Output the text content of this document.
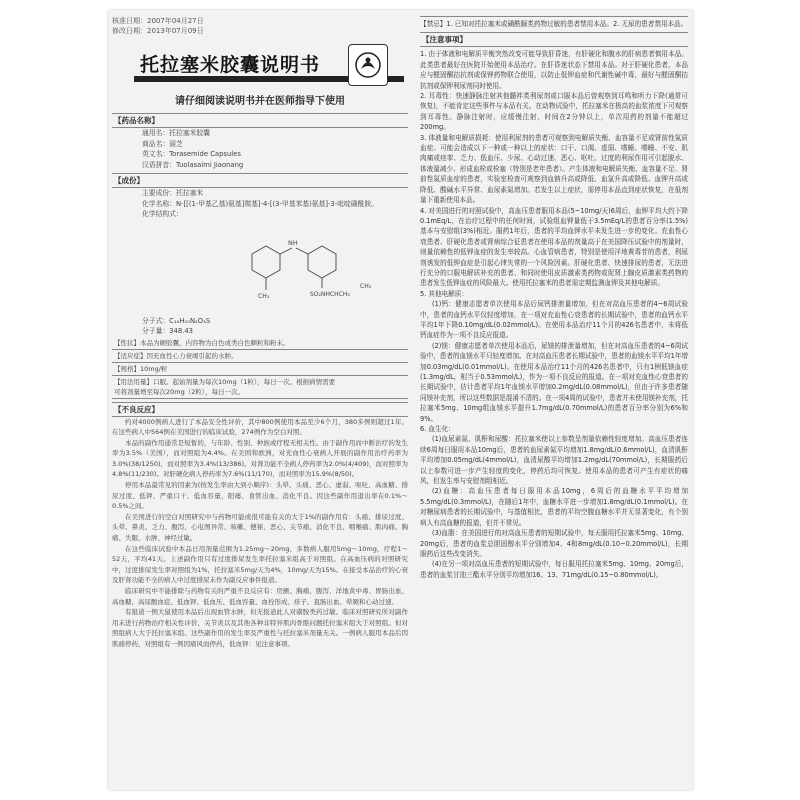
核准日期：2007年04月27日
修改日期：2013年07月09日
托拉塞米胶囊说明书
请仔细阅读说明书并在医师指导下使用
【药品名称】
通用名：托拉塞米胶囊
商品名：丽芝
英文名：Torasemide Capsules
汉语拼音：Tuolasaimi Jiaonang
【成份】
主要成份：托拉塞米
化学名称：N-[[(1-甲基乙基)氨基]羰基]-4-[(3-甲基苯基)氨基]-3-吡啶磺酰胺。
化学结构式：
NH
CH₃	SO₂NHCHCH₃
CH₃
分子式：C₁₆H₂₀N₄O₃S
分子量：348.43
【性状】本品为硬胶囊，内容物为白色或类白色颗粒和粉末。
【适应症】因充血性心力衰竭引起的水肿。
【规格】10mg/粒
【用法用量】口服。起始剂量为每次10mg（1粒），每日一次。根据病情需要
可将剂量增至每次20mg（2粒），每日一次。
【不良反应】

约对4000例病人进行了本品安全性评价，其中800例使用本品至少6个月，380多例则超过1年。在这些病人中564例在美国进行的临床试验，274例作为空白对照。

本品的副作用通常是短暂的，与年龄、性别、种族或疗程无相关性。由于副作用而中断治疗的发生率为3.5%（美国），而对照组为4.4%。在美国和欧洲，对充血性心衰病人开展的副作用治疗药率为3.0%(38/1250)，而对照率为3.4%(13/386)。对肾功能不全病人停药率为2.0%(4/409)，而对照率为4.8%(11/230)。对肝硬化病人停药率为7.6%(11/170)，而对照率为15.9%(8/50)。

停用本品最常见的因素为(按发生率由大到小顺序)：头晕、头痛、恶心、虚弱、呕吐、高血糖、排尿过度、低钾、严重口干、低血容量、阳痿、食管出血、消化不良。因这些副作用退出率在0.1%～0.5%之间。

在美国进行的空白对照研究中与药物可能或很可能有关的大于1%的副作用有：头痛、排尿过度、头晕、鼻炎、乏力、腹泻、心电图异常、咳嗽、便秘、恶心、关节痛、消化不良、咽喉痛、肌肉痛、胸痛、失眠、水肿、神经过敏。

在这些临床试验中本品日用剂量范围为1.25mg～20mg，多数病人服用5mg～10mg，疗程1～52天，平均41天。上述副作用只有过度排尿发生率托拉塞米组高于对照组。在高血压病的对照研究中，过度排尿发生率对照组为1%，托拉塞米5mg/天为4%，10mg/天为15%。在接受本品治疗的心衰及肝肾功能不全的病人中过度排尿未作为副反应事件报道。

临床研究中不能排除与药物有关的严重不良反应有：房颤、胸痛、腹泻、洋地黄中毒、胃肠出血、高血糖、高尿酸血症、低血钾、低血压、低血容量、血栓形成、疹子、直肠出血、晕厥和心动过速。

有报道一例大鼠使用本品后出现血管水肿，但无报道此人对磺胺类药过敏。临床对照研究所对副作用未进行药物治疗相关性评价，关节炎以及其他各种非特异肌肉骨骼问题托拉塞米组大于对照组。但对照组病人大于托拉塞米组。这些副作用的发生率及严重性与托拉塞米剂量无关。一例病人服用本品后因肌痛停药，对照组有一例因痛风而停药，低血钾：见注意事项。

【禁忌】1. 已知对托拉塞米或磺酰脲类药物过敏的患者禁用本品。2. 无尿的患者禁用本品。

【注意事项】

1. 由于体液和电解质平衡突然改变可能导致肝昏迷，有肝硬化和腹水的肝病患者慎用本品。此类患者最好在医院开始使用本品治疗。在肝昏迷状态下禁用本品。对于肝硬化患者，本品应与醛固酮拮抗剂或保钾药物联合使用，以防止低钾血症和代谢性碱中毒，最好与醛固酮拮抗剂或保钾利尿剂同时使用。

2. 耳毒性：快速静脉注射其他髓袢类利尿剂或口服本品后曾观察到耳鸣和听力下降(通常可恢复)，不能肯定这些事件与本品有关。在动物试验中，托拉塞米在极高的血浆浓度下可观察到耳毒性。静脉注射时，应缓慢注射，时间在2分钟以上，单次用药的剂量不能超过200mg。

3. 体液量和电解质损耗：使用利尿剂的患者可观察到电解质失衡、血容量不足或肾前性氮质血症。可能会造成以下一种或一种以上的症状：口干、口渴、虚弱、嗜睡、嗜睡、不安、肌肉痛或痉挛、乏力、低血压、少尿、心动过速、恶心、呕吐。过度的利尿作用可引起脱水、体液量减少、形成血栓或栓塞（特别是老年患者）。产生体液和电解质失衡、血容量不足、肾前性氮质血症的患者，实验室检查可观察到血钠升高或降低、血氯升高或降低、血钾升高或降低、酸碱水平异常、血尿素氮增加。若发生以上症状，需停用本品直到症状恢复，在低剂量下重新使用本品。

4. 对美国进行的对照试验中，高血压患者服用本品(5~10mg/天)6周后，血钾平均大约下降0.1mEq/L，在治疗过程中的任何时间，试验组血钾量低于3.5mEq/L的患者百分率(1.5%)基本与安慰组(3%)相近。服药1年后，患者的平均血钾水平未发生进一步的变化。充血性心衰患者、肝硬化患者或肾病综合征患者在使用本品的剂量高于在美国降压试验中的剂量时，则量依赖性的低钾血症的发生率较高。心血管病患者，特别是使用洋地黄毒苷的患者，利尿剂诱发的低钾血症是引起心律失常的一个风险因素。肝硬化患者、快速排尿的患者，无法进行充分的口服电解质补充的患者、和同时使用皮质激素类药物或促肾上腺皮质激素类药物的患者发生低钾血症的风险最大。使用托拉塞米的患者需定期监测血钾及其他电解质。

5. 其他电解质：

(1)钙：健康志愿者单次使用本品后尿钙排泄量增加，但在对高血压患者的4~6周试验中，患者的血钙水平仅轻度增加，在一项对充血性心衰患者的长期试验中，患者的血钙水平平均1年下降0.10mg/dL(0.02mmol/L)。在使用本品治疗11个月的426名患者中，未将低钙血症作为一项不良反应报道。

(2)镁：健康志愿者单次使用本品后，尿镁的排泄量增加，但在对高血压患者的4~6周试验中，患者的血镁水平只轻度增加。在对高血压患者长期试验中，患者的血镁水平平均1年增加0.03mg/dL(0.01mmol/L)。在使用本品治疗11个月的426名患者中，只有1例低镁血症(1.3mg/dL，相当于0.53mmol/L)，作为一项不良反应的报道。在一项对充血性心衰患者的长期试验中，估计患者平均1年血镁水平增加0.2mg/dL(0.08mmol/L)，但由于许多患者随同镁补充剂，所以这些数据是混淆不清的。在一项4周的试验中，患者并未使用镁补充剂，托拉塞米5mg、10mg组血镁水平提升1.7mg/dL(0.70mmol/L)的患者百分率分别为6%和9%。

6. 血生化：

(1)血尿素氮、肌酐和尿酸：托拉塞米使以上参数呈剂量依赖性轻度增加。高血压患者连续6周每日服用本品10mg后，患者的血尿素氮平均增加1.8mg/dL(0.6mmol/L)，血清肌酐平均增加0.05mg/dL(4mmol/L)，血清尿酸平均增加1.2mg/dL(70mmol/L)，长期服药后以上参数可进一步产生轻度的变化，停药后均可恢复。使用本品的患者可产生有症状的痛风，但发生率与安慰剂组相近。

(2)血糖：高血压患者每日服用本品10mg，6周后的血糖水平平均增加5.5mg/dL(0.3mmol/L)，在随后1年中，血糖水平进一步增加1.8mg/dL(0.1mmol/L)。在对糖尿病患者的长期试验中，与基值相比，患者的平均空腹血糖水平并无显著变化，有个别病人有高血糖的报道，但并不常见。

(3)血脂：在美国进行的对高血压患者的短期试验中，每天服用托拉塞米5mg、10mg、20mg后，患者的血浆总胆固醇水平分别增加4、4和8mg/dL(0.10~0.20mmol/L)，长期服药后这些改变消失。

(4)在另一项对高血压患者的短期试验中，每日服用托拉塞米5mg、10mg、20mg后，患者的血浆甘油三酯水平分别平均增加16、13、71mg/dL(0.15~0.80mmol/L)。
